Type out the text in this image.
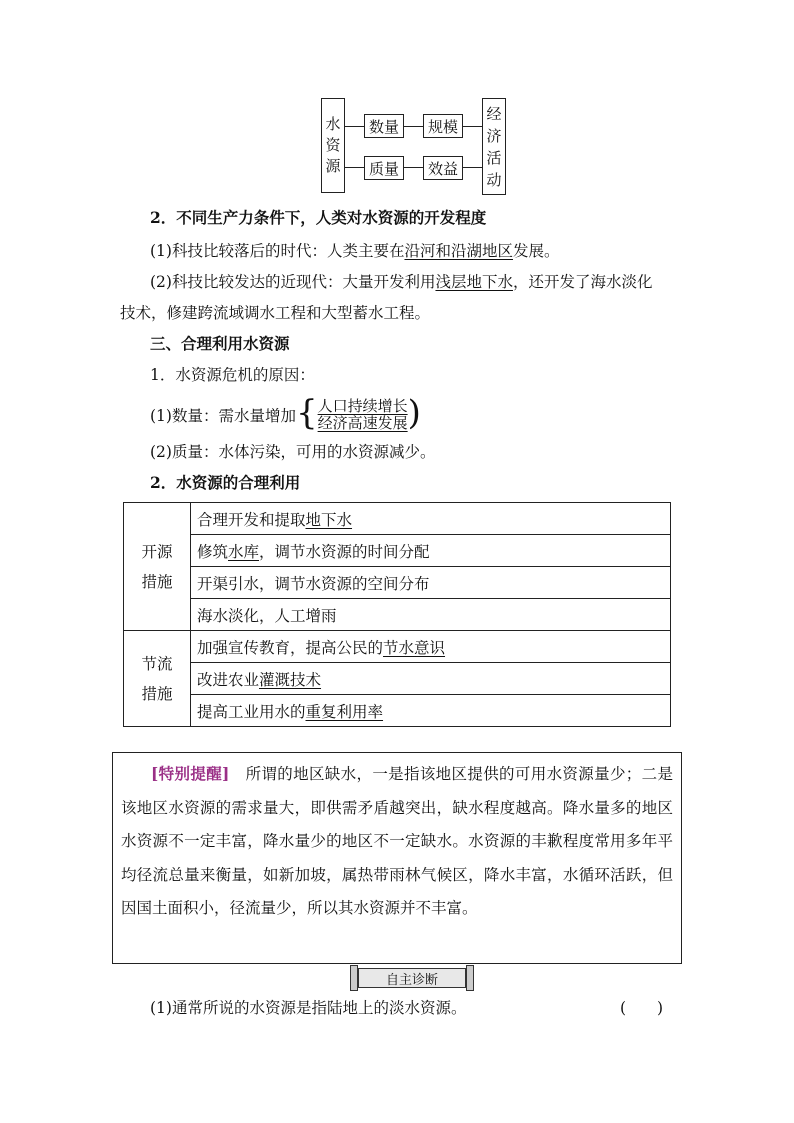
水
资
源
数量	规模
质量	效益
经
济
活
动
2．不同生产力条件下，人类对水资源的开发程度
(1)科技比较落后的时代：人类主要在沿河和沿湖地区发展。
(2)科技比较发达的近现代：大量开发利用浅层地下水，还开发了海水淡化
技术，修建跨流域调水工程和大型蓄水工程。
三、合理利用水资源
1．水资源危机的原因：
(1)数量：需水量增加 { 人口持续增长
经济高速发展 )
(2)质量：水体污染，可用的水资源减少。
2．水资源的合理利用
开源
措施	合理开发和提取地下水
	修筑水库，调节水资源的时间分配
	开渠引水，调节水资源的空间分布
	海水淡化，人工增雨
节流
措施	加强宣传教育，提高公民的节水意识
	改进农业灌溉技术
	提高工业用水的重复利用率

[特别提醒]　 所谓的地区缺水，一是指该地区提供的可用水资源量少；二是该地区水资源的需求量大，即供需矛盾越突出，缺水程度越高。降水量多的地区水资源不一定丰富，降水量少的地区不一定缺水。水资源的丰歉程度常用多年平均径流总量来衡量，如新加坡，属热带雨林气候区，降水丰富，水循环活跃，但因国土面积小，径流量少，所以其水资源并不丰富。

自主诊断
(1)通常所说的水资源是指陆地上的淡水资源。	(　　)
